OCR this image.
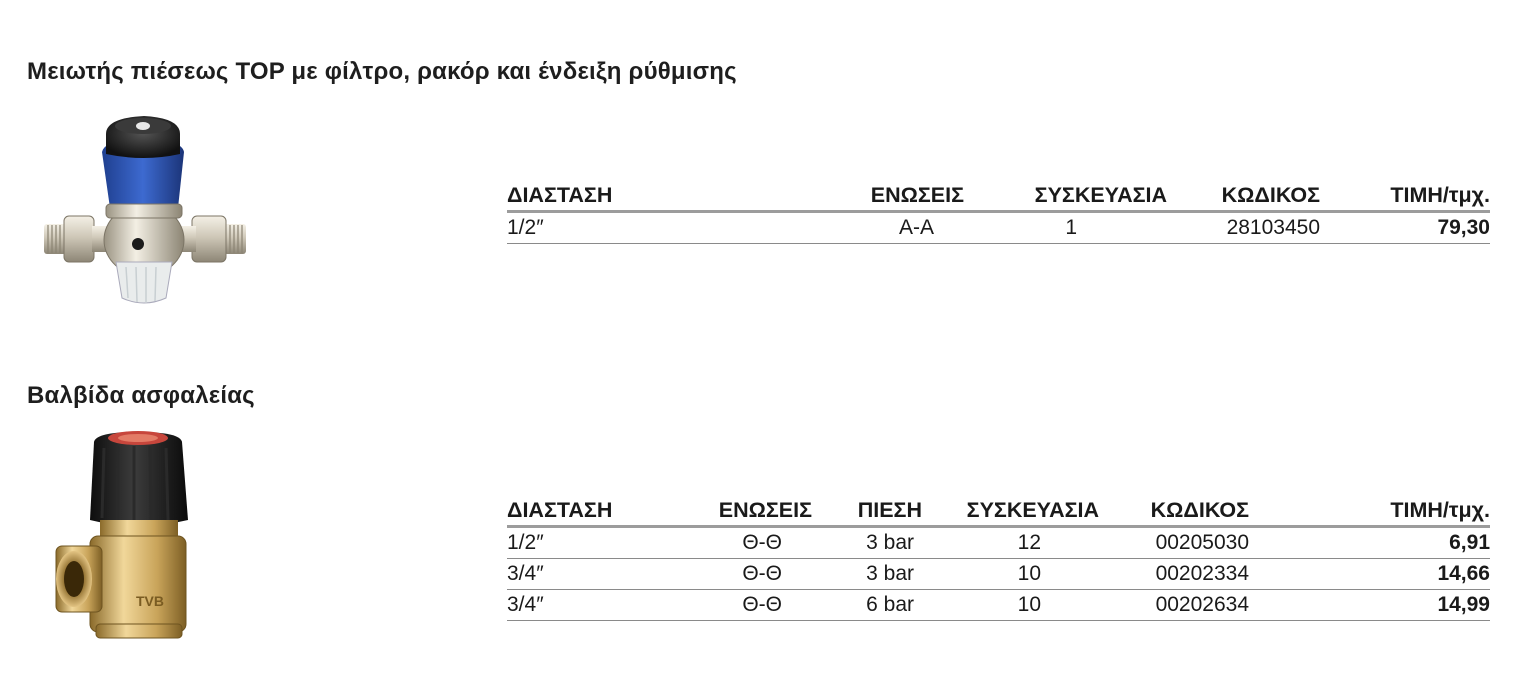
Μειωτής πιέσεως TOP με φίλτρο, ρακόρ και ένδειξη ρύθμισης
ΔΙΑΣΤΑΣΗ	ΕΝΩΣΕΙΣ	ΣΥΣΚΕΥΑΣΙΑ	ΚΩΔΙΚΟΣ	ΤΙΜΗ/τμχ.
1/2″	Α-Α	1	28103450	79,30
Βαλβίδα ασφαλείας
TVB
ΔΙΑΣΤΑΣΗ	ΕΝΩΣΕΙΣ	ΠΙΕΣΗ	ΣΥΣΚΕΥΑΣΙΑ	ΚΩΔΙΚΟΣ	ΤΙΜΗ/τμχ.
1/2″	Θ-Θ	3 bar	12	00205030	6,91
3/4″	Θ-Θ	3 bar	10	00202334	14,66
3/4″	Θ-Θ	6 bar	10	00202634	14,99
